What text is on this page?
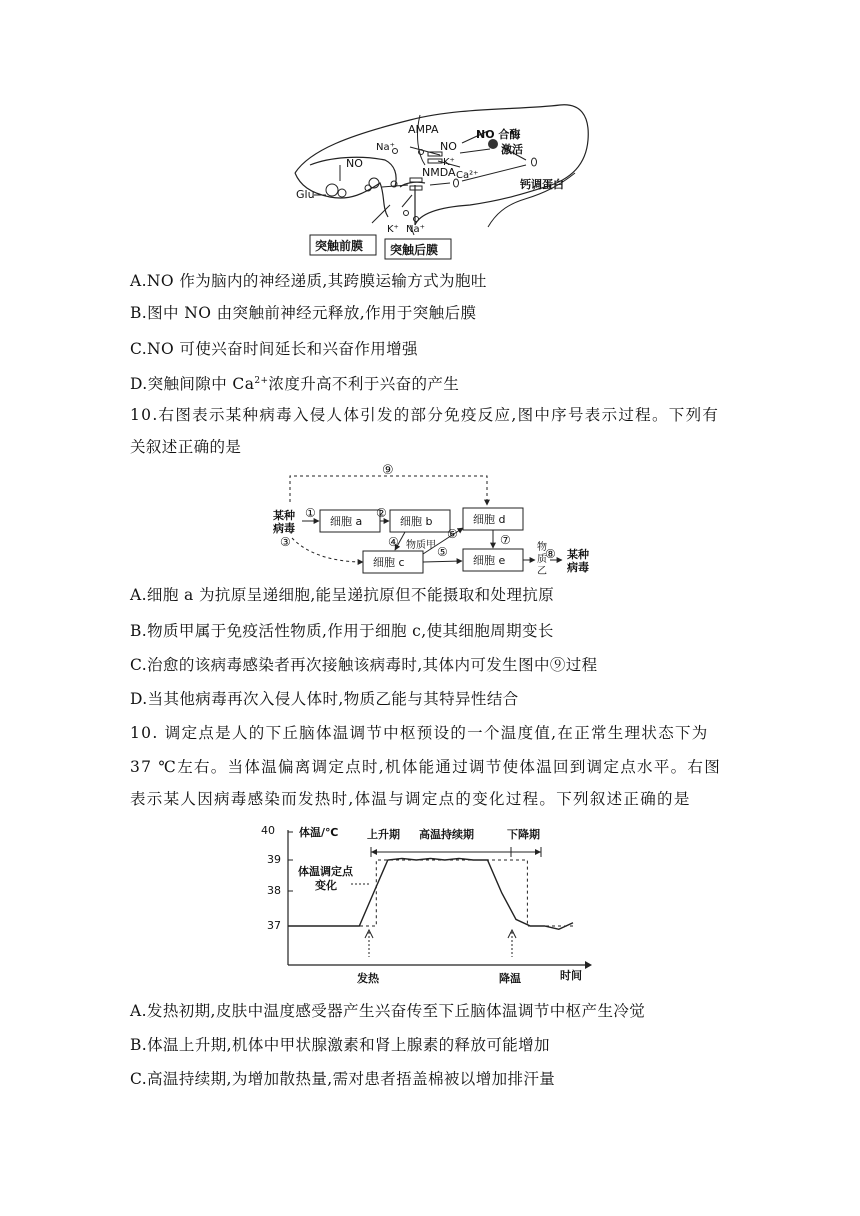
AMPA
NO
NO 合酶
激活
Na⁺
K⁺
NMDA Ca²⁺
钙调蛋白
NO
Glu
K⁺ Na⁺
突触前膜 突触后膜
A.NO 作为脑内的神经递质,其跨膜运输方式为胞吐
B.图中 NO 由突触前神经元释放,作用于突触后膜
C.NO 可使兴奋时间延长和兴奋作用增强
D.突触间隙中 $Ca^{2+}$浓度升高不利于兴奋的产生
10.右图表示某种病毒入侵人体引发的部分免疫反应,图中序号表示过程。下列有
关叙述正确的是
某种
病毒
细胞 a	细胞 b	细胞 d
细胞 c	细胞 e
物质甲	物
质
乙
某种
病毒
①	②
③	④
⑤
⑥	⑦
⑧
⑨
A.细胞 a 为抗原呈递细胞,能呈递抗原但不能摄取和处理抗原
B.物质甲属于免疫活性物质,作用于细胞 c,使其细胞周期变长
C.治愈的该病毒感染者再次接触该病毒时,其体内可发生图中⑨过程
D.当其他病毒再次入侵人体时,物质乙能与其特异性结合
10. 调定点是人的下丘脑体温调节中枢预设的一个温度值,在正常生理状态下为
37 ℃左右。当体温偏离调定点时,机体能通过调节使体温回到调定点水平。右图
表示某人因病毒感染而发热时,体温与调定点的变化过程。下列叙述正确的是
40
39
38
37
体温/℃
时间
上升期 高温持续期	下降期
体温调定点
变化
发热	降温
A.发热初期,皮肤中温度感受器产生兴奋传至下丘脑体温调节中枢产生冷觉
B.体温上升期,机体中甲状腺激素和肾上腺素的释放可能增加
C.高温持续期,为增加散热量,需对患者捂盖棉被以增加排汗量
